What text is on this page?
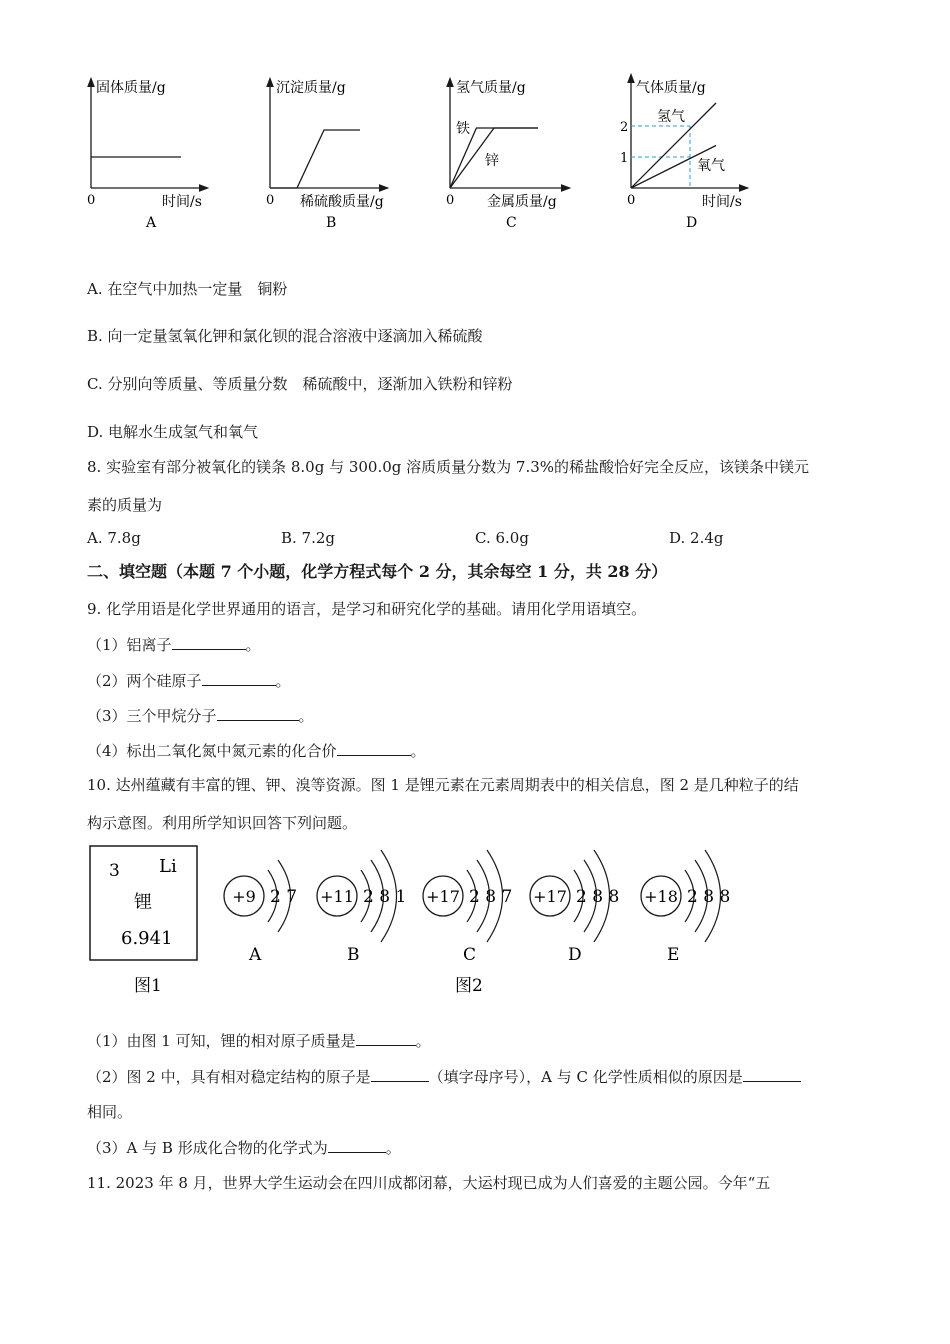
固体质量/g
时间/s
0
A
沉淀质量/g
稀硫酸质量/g
0
B
氢气质量/g
金属质量/g
0
铁
锌
C
气体质量/g
时间/s
0
2
1
氢气
氧气
D
A. 在空气中加热一定量　铜粉
B. 向一定量氢氧化钾和氯化钡的混合溶液中逐滴加入稀硫酸
C. 分别向等质量、等质量分数　稀硫酸中，逐渐加入铁粉和锌粉
D. 电解水生成氢气和氧气
8. 实验室有部分被氧化的镁条 8.0g 与 300.0g 溶质质量分数为 7.3%的稀盐酸恰好完全反应，该镁条中镁元
素的质量为
A. 7.8g	B. 7.2g	C. 6.0g	D. 2.4g
二、填空题（本题 7 个小题，化学方程式每个 2 分，其余每空 1 分，共 28 分）
9. 化学用语是化学世界通用的语言，是学习和研究化学的基础。请用化学用语填空。
（1）铝离子	。
（2）两个硅原子	。
（3）三个甲烷分子	。
（4）标出二氧化氮中氮元素的化合价	。
10. 达州蕴藏有丰富的锂、钾、溴等资源。图 1 是锂元素在元素周期表中的相关信息，图 2 是几种粒子的结
构示意图。利用所学知识回答下列问题。
3 Li
锂
6.941
图1
+9 2 7
A
+11 2 8 1
B
+17 2 8 7
C
+17 2 8 8
D
+18 2 8 8
E
图2
（1）由图 1 可知，锂的相对原子质量是	。
（2）图 2 中，具有相对稳定结构的原子是	（填字母序号），A 与 C 化学性质相似的原因是
相同。
（3）A 与 B 形成化合物的化学式为	。
11. 2023 年 8 月，世界大学生运动会在四川成都闭幕，大运村现已成为人们喜爱的主题公园。今年“五
